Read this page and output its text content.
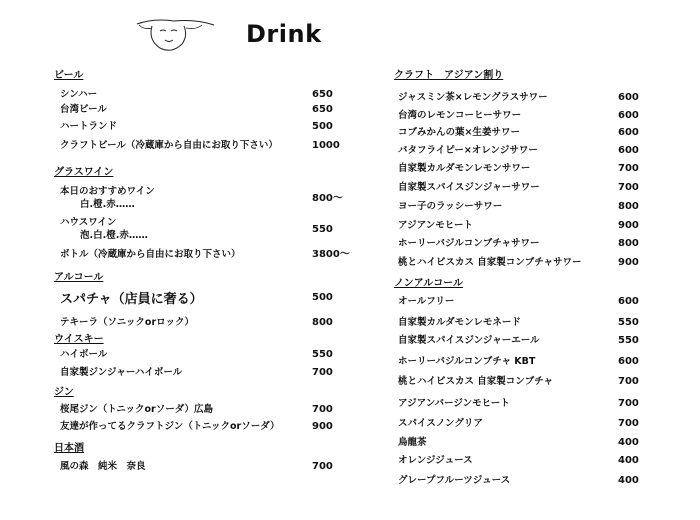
Drink
ビール
シンハー	650
台湾ビール	650
ハートランド	500
クラフトビール（冷蔵庫から自由にお取り下さい）	1000
グラスワイン
本日のおすすめワイン
白.橙.赤……
800〜
ハウスワイン
泡.白.橙.赤……
550
ボトル（冷蔵庫から自由にお取り下さい）	3800〜
アルコール
スパチャ（店員に奢る）	500
テキーラ（ソニックorロック）	800
ウイスキー
ハイボール	550
自家製ジンジャーハイボール	700
ジン
桜尾ジン（トニックorソーダ）広島	700
友達が作ってるクラフトジン（トニックorソーダ）	900
日本酒
風の森　純米　奈良	700
クラフト　アジアン割り
ジャスミン茶×レモングラスサワー	600
台湾のレモンコーヒーサワー	600
コブみかんの葉×生姜サワー	600
バタフライピー×オレンジサワー	600
自家製カルダモンレモンサワー	700
自家製スパイスジンジャーサワー	700
ヨー子のラッシーサワー	800
アジアンモヒート	900
ホーリーバジルコンブチャサワー	800
桃とハイビスカス 自家製コンブチャサワー	900
ノンアルコール
オールフリー	600
自家製カルダモンレモネード	550
自家製スパイスジンジャーエール	550
ホーリーバジルコンブチャ KBT	600
桃とハイビスカス 自家製コンブチャ	700
アジアンバージンモヒート	700
スパイスノングリア	700
烏龍茶	400
オレンジジュース	400
グレープフルーツジュース	400
